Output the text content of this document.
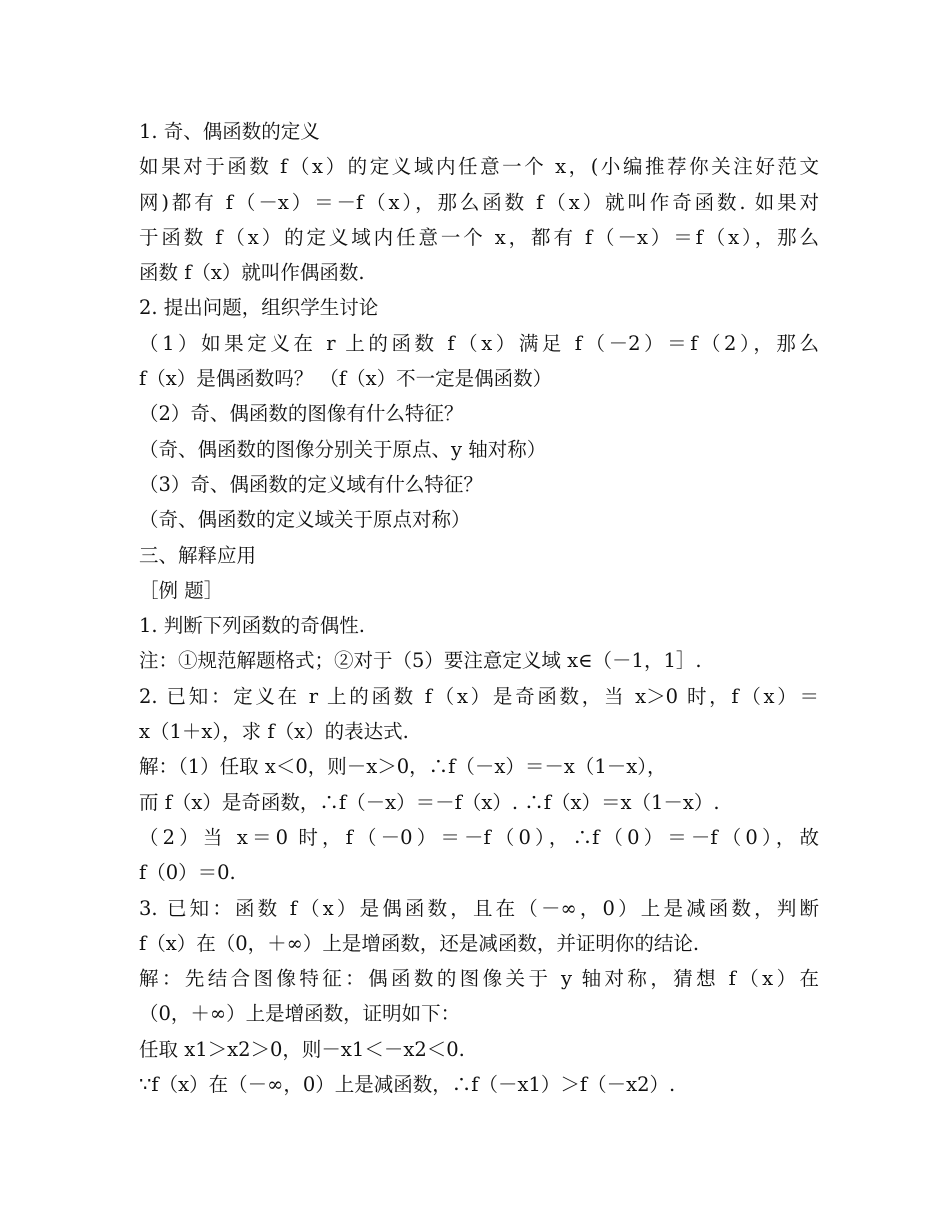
1. 奇、偶函数的定义
如果对于函数 f（x）的定义域内任意一个 x，(小编推荐你关注好范文
网)都有 f（－x）＝－f（x），那么函数 f（x）就叫作奇函数. 如果对
于函数 f（x）的定义域内任意一个 x，都有 f（－x）＝f（x），那么
函数 f（x）就叫作偶函数.
2. 提出问题，组织学生讨论
（1）如果定义在 r 上的函数 f（x）满足 f（－2）＝f（2），那么
f（x）是偶函数吗？ （f（x）不一定是偶函数）
（2）奇、偶函数的图像有什么特征？
（奇、偶函数的图像分别关于原点、y 轴对称）
（3）奇、偶函数的定义域有什么特征？
（奇、偶函数的定义域关于原点对称）
三、解释应用
［例 题］
1. 判断下列函数的奇偶性.
注：①规范解题格式；②对于（5）要注意定义域 x∈（－1，1］.
2. 已知：定义在 r 上的函数 f（x）是奇函数，当 x＞0 时，f（x）＝
x（1＋x），求 f（x）的表达式.
解：（1）任取 x＜0，则－x＞0，∴f（－x）＝－x（1－x），
而 f（x）是奇函数，∴f（－x）＝－f（x）. ∴f（x）＝x（1－x）.
（2）当 x＝0 时，f（－0）＝－f（0），∴f（0）＝－f（0），故
f（0）＝0.
3. 已知：函数 f（x）是偶函数，且在（－∞，0）上是减函数，判断
f（x）在（0，＋∞）上是增函数，还是减函数，并证明你的结论.
解：先结合图像特征：偶函数的图像关于 y 轴对称，猜想 f（x）在
（0，＋∞）上是增函数，证明如下：
任取 x1＞x2＞0，则－x1＜－x2＜0.
∵f（x）在（－∞，0）上是减函数，∴f（－x1）＞f（－x2）.
